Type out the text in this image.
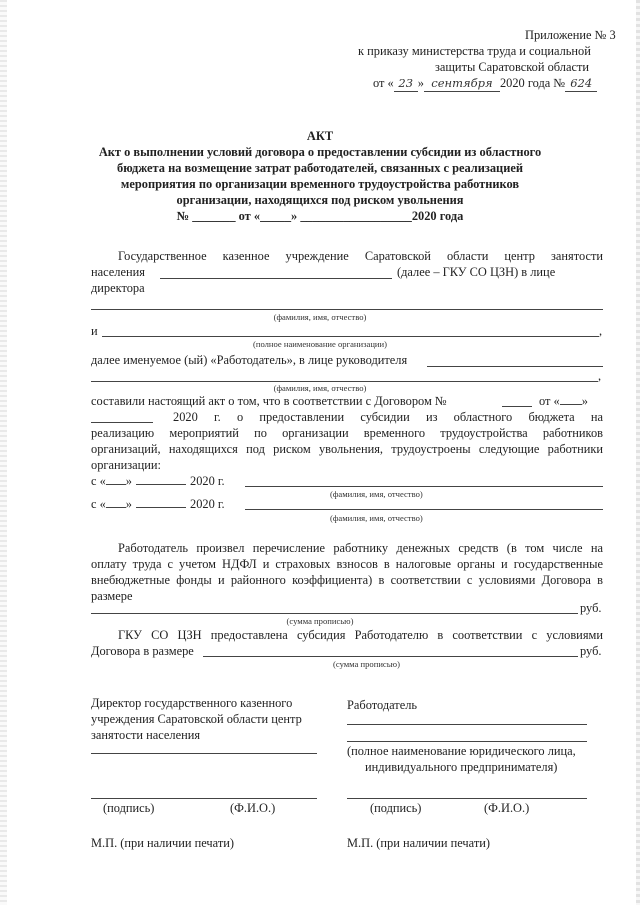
Приложение № 3
к приказу министерства труда и социальной
защиты Саратовской области
от « 23 » сентября 2020 года № 624
АКТ
Акт о выполнении условий договора о предоставлении субсидии из областного
бюджета на возмещение затрат работодателей, связанных с реализацией
мероприятия по организации временного трудоустройства работников
организации, находящихся под риском увольнения
№ _______ от «_____» __________________2020 года
Государственное казенное учреждение Саратовской области центр занятости
населения	(далее – ГКУ СО ЦЗН) в лице
директора
(фамилия, имя, отчество)
и	,
(полное наименование организации)
далее именуемое (ый) «Работодатель», в лице руководителя
,
(фамилия, имя, отчество)
составили настоящий акт о том, что в соответствии с Договором №	от « »
2020 г. о предоставлении субсидии из областного бюджета на
реализацию мероприятий по организации временного трудоустройства работников
организаций, находящихся под риском увольнения, трудоустроены следующие работники
организации:
с « »	2020 г.
(фамилия, имя, отчество)
с « »	2020 г.
(фамилия, имя, отчество)
Работодатель произвел перечисление работнику денежных средств (в том числе на
оплату труда с учетом НДФЛ и страховых взносов в налоговые органы и государственные
внебюджетные фонды и районного коэффициента) в соответствии с условиями Договора в
размере
руб.
(сумма прописью)
ГКУ СО ЦЗН предоставлена субсидия Работодателю в соответствии с условиями
Договора в размере	руб.
(сумма прописью)
Директор государственного казенного
учреждения Саратовской области центр
занятости населения
(подпись)	(Ф.И.О.)
М.П. (при наличии печати)
Работодатель
(полное наименование юридического лица,
индивидуального предпринимателя)
(подпись)	(Ф.И.О.)
М.П. (при наличии печати)
